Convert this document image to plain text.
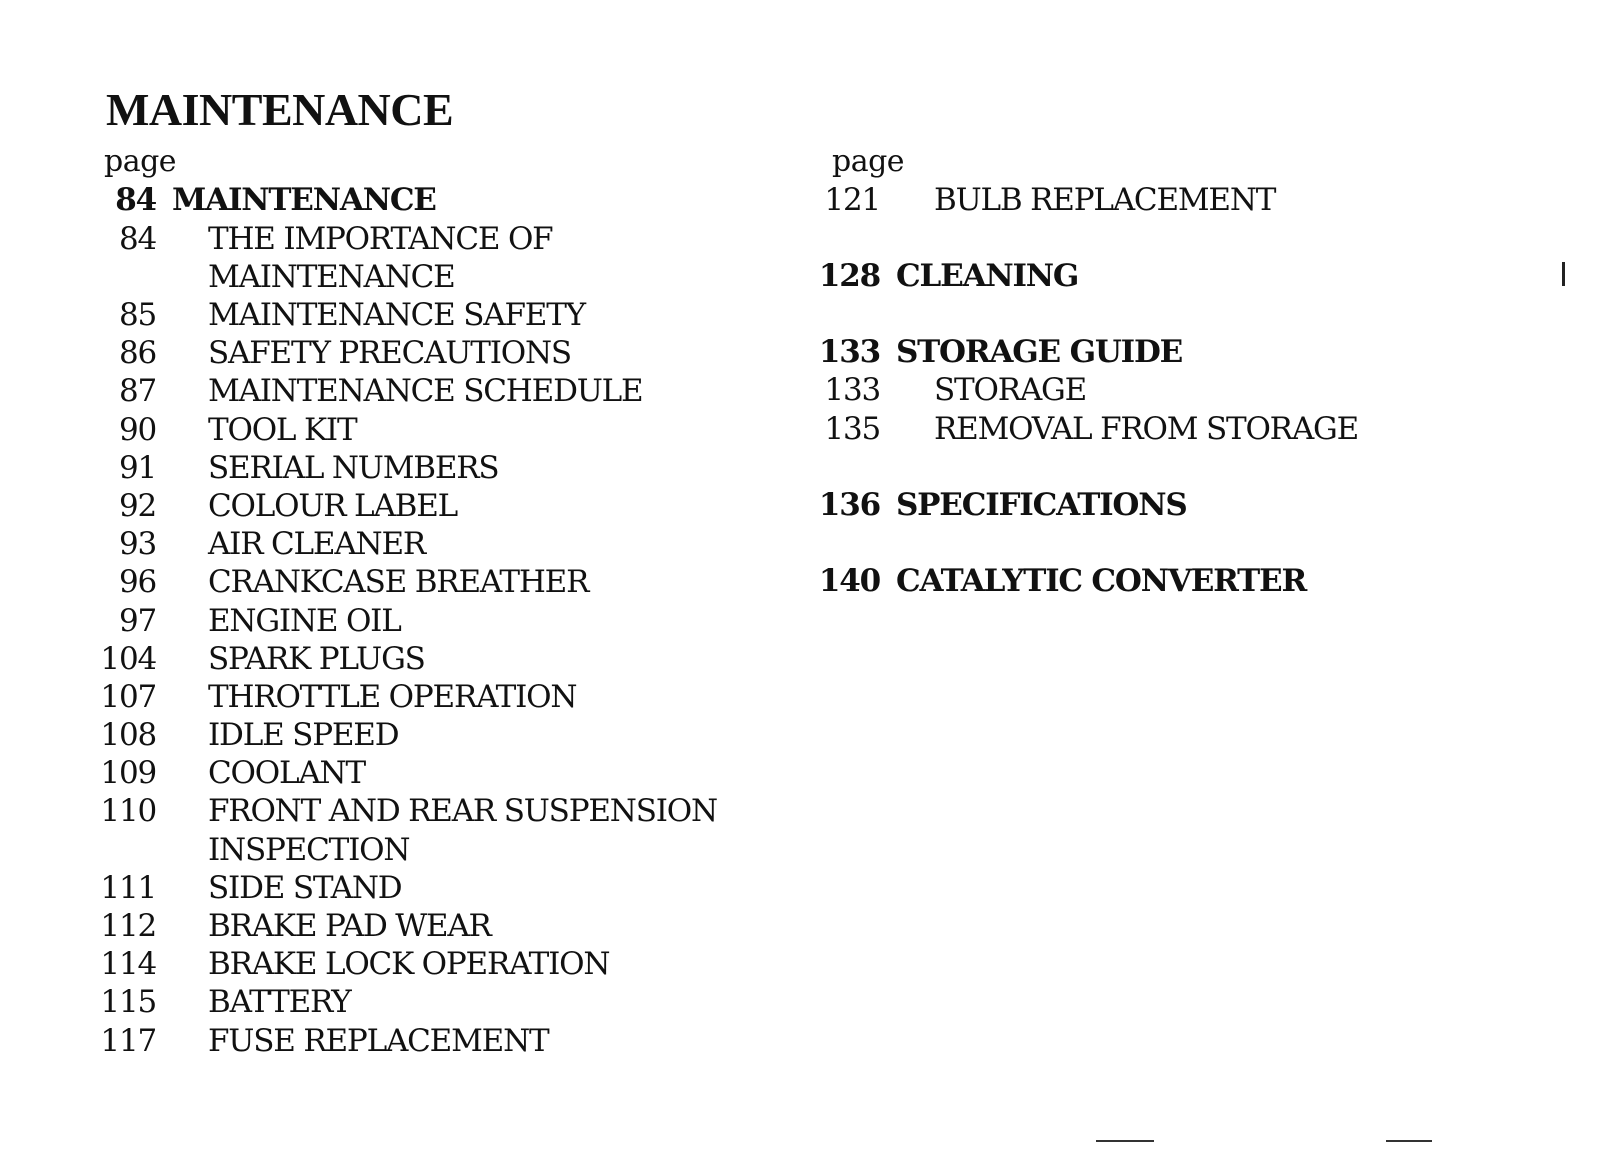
MAINTENANCE
page
84 MAINTENANCE
84 THE IMPORTANCE OF
MAINTENANCE
85 MAINTENANCE SAFETY
86 SAFETY PRECAUTIONS
87 MAINTENANCE SCHEDULE
90 TOOL KIT
91 SERIAL NUMBERS
92 COLOUR LABEL
93 AIR CLEANER
96 CRANKCASE BREATHER
97 ENGINE OIL
104 SPARK PLUGS
107 THROTTLE OPERATION
108 IDLE SPEED
109 COOLANT
110 FRONT AND REAR SUSPENSION
INSPECTION
111 SIDE STAND
112 BRAKE PAD WEAR
114 BRAKE LOCK OPERATION
115 BATTERY
117 FUSE REPLACEMENT
page
121 BULB REPLACEMENT
128 CLEANING
133 STORAGE GUIDE
133 STORAGE
135 REMOVAL FROM STORAGE
136 SPECIFICATIONS
140 CATALYTIC CONVERTER
